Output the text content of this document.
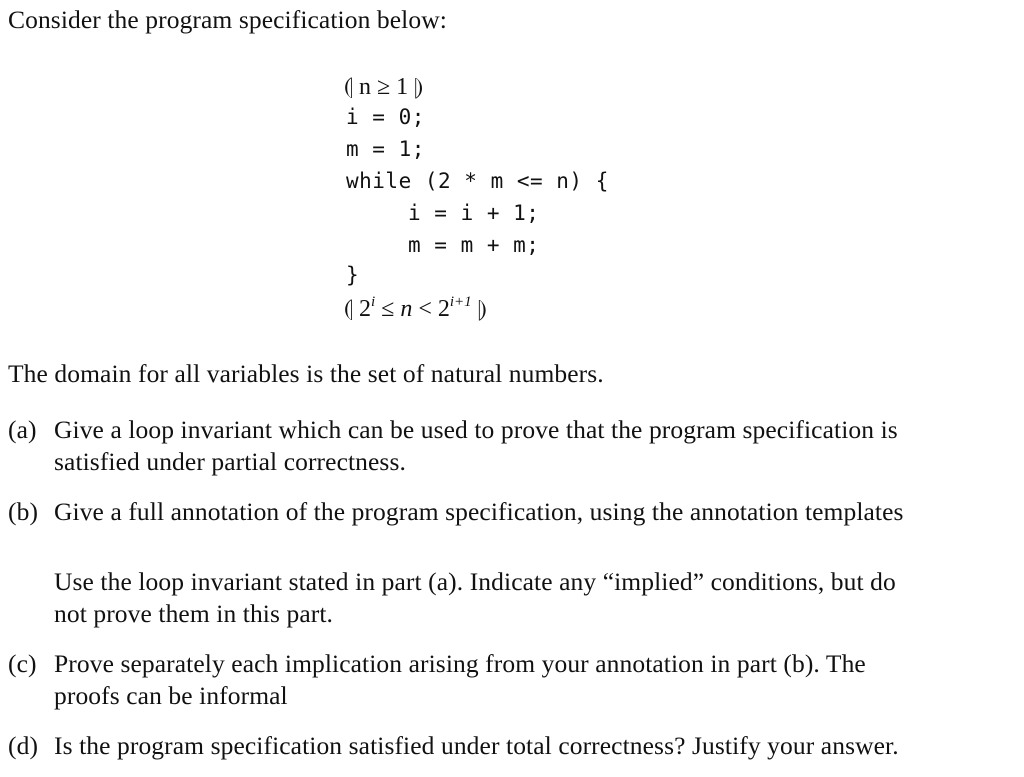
Consider the program specification below:
⦇ n ≥ 1 ⦈
i = 0;
m = 1;
while (2 * m <= n) {
i = i + 1;
m = m + m;
}
⦇ $2^i \le n < 2^{i+1}$ ⦈
The domain for all variables is the set of natural numbers.
(a) Give a loop invariant which can be used to prove that the program specification is
satisfied under partial correctness.
(b) Give a full annotation of the program specification, using the annotation templates
Use the loop invariant stated in part (a). Indicate any “implied” conditions, but do
not prove them in this part.
(c) Prove separately each implication arising from your annotation in part (b). The
proofs can be informal
(d) Is the program specification satisfied under total correctness? Justify your answer.
